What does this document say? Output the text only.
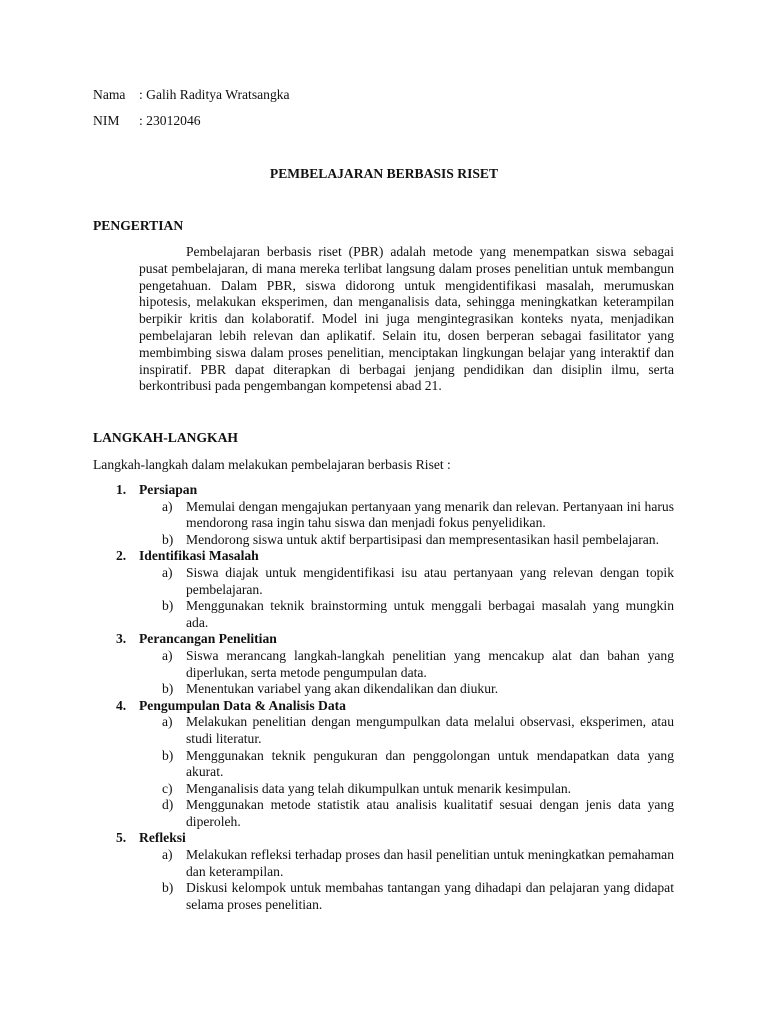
Nama : Galih Raditya Wratsangka
NIM : 23012046
PEMBELAJARAN BERBASIS RISET
PENGERTIAN

Pembelajaran berbasis riset (PBR) adalah metode yang menempatkan siswa sebagai pusat pembelajaran, di mana mereka terlibat langsung dalam proses penelitian untuk membangun pengetahuan. Dalam PBR, siswa didorong untuk mengidentifikasi masalah, merumuskan hipotesis, melakukan eksperimen, dan menganalisis data, sehingga meningkatkan keterampilan berpikir kritis dan kolaboratif. Model ini juga mengintegrasikan konteks nyata, menjadikan pembelajaran lebih relevan dan aplikatif. Selain itu, dosen berperan sebagai fasilitator yang membimbing siswa dalam proses penelitian, menciptakan lingkungan belajar yang interaktif dan inspiratif. PBR dapat diterapkan di berbagai jenjang pendidikan dan disiplin ilmu, serta berkontribusi pada pengembangan kompetensi abad 21.

LANGKAH-LANGKAH
Langkah-langkah dalam melakukan pembelajaran berbasis Riset :
1. Persiapan
a) Memulai dengan mengajukan pertanyaan yang menarik dan relevan. Pertanyaan ini harus mendorong rasa ingin tahu siswa dan menjadi fokus penyelidikan.
b) Mendorong siswa untuk aktif berpartisipasi dan mempresentasikan hasil pembelajaran.
2. Identifikasi Masalah
a) Siswa diajak untuk mengidentifikasi isu atau pertanyaan yang relevan dengan topik pembelajaran.
b) Menggunakan teknik brainstorming untuk menggali berbagai masalah yang mungkin ada.
3. Perancangan Penelitian
a) Siswa merancang langkah-langkah penelitian yang mencakup alat dan bahan yang diperlukan, serta metode pengumpulan data.
b) Menentukan variabel yang akan dikendalikan dan diukur.
4. Pengumpulan Data & Analisis Data
a) Melakukan penelitian dengan mengumpulkan data melalui observasi, eksperimen, atau studi literatur.
b) Menggunakan teknik pengukuran dan penggolongan untuk mendapatkan data yang akurat.
c) Menganalisis data yang telah dikumpulkan untuk menarik kesimpulan.
d) Menggunakan metode statistik atau analisis kualitatif sesuai dengan jenis data yang diperoleh.
5. Refleksi
a) Melakukan refleksi terhadap proses dan hasil penelitian untuk meningkatkan pemahaman dan keterampilan.
b) Diskusi kelompok untuk membahas tantangan yang dihadapi dan pelajaran yang didapat selama proses penelitian.
